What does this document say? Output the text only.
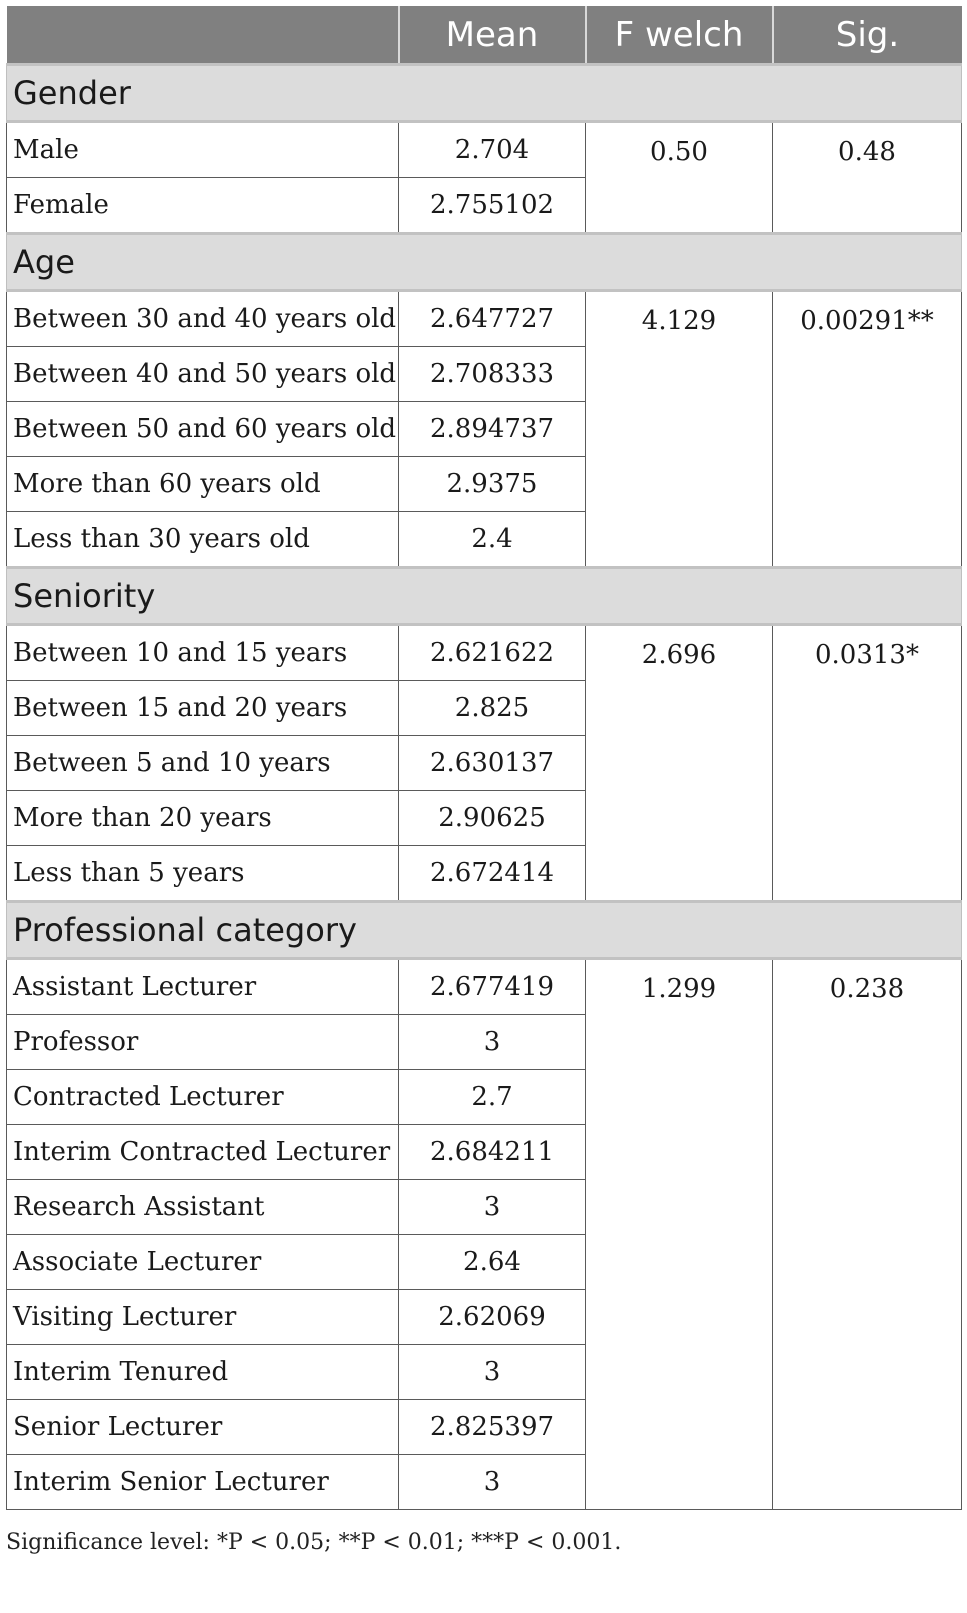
	Mean	F welch	Sig.
Gender			
Male	2.704	0.50	0.48
Female	2.755102		
Age			
Between 30 and 40 years old	2.647727	4.129	0.00291**
Between 40 and 50 years old	2.708333		
Between 50 and 60 years old	2.894737		
More than 60 years old	2.9375		
Less than 30 years old	2.4		
Seniority			
Between 10 and 15 years	2.621622	2.696	0.0313*
Between 15 and 20 years	2.825		
Between 5 and 10 years	2.630137		
More than 20 years	2.90625		
Less than 5 years	2.672414		
Professional category			
Assistant Lecturer	2.677419	1.299	0.238
Professor	3		
Contracted Lecturer	2.7		
Interim Contracted Lecturer	2.684211		
Research Assistant	3		
Associate Lecturer	2.64		
Visiting Lecturer	2.62069		
Interim Tenured	3		
Senior Lecturer	2.825397		
Interim Senior Lecturer	3		
Significance level: *P < 0.05; **P < 0.01; ***P < 0.001.
